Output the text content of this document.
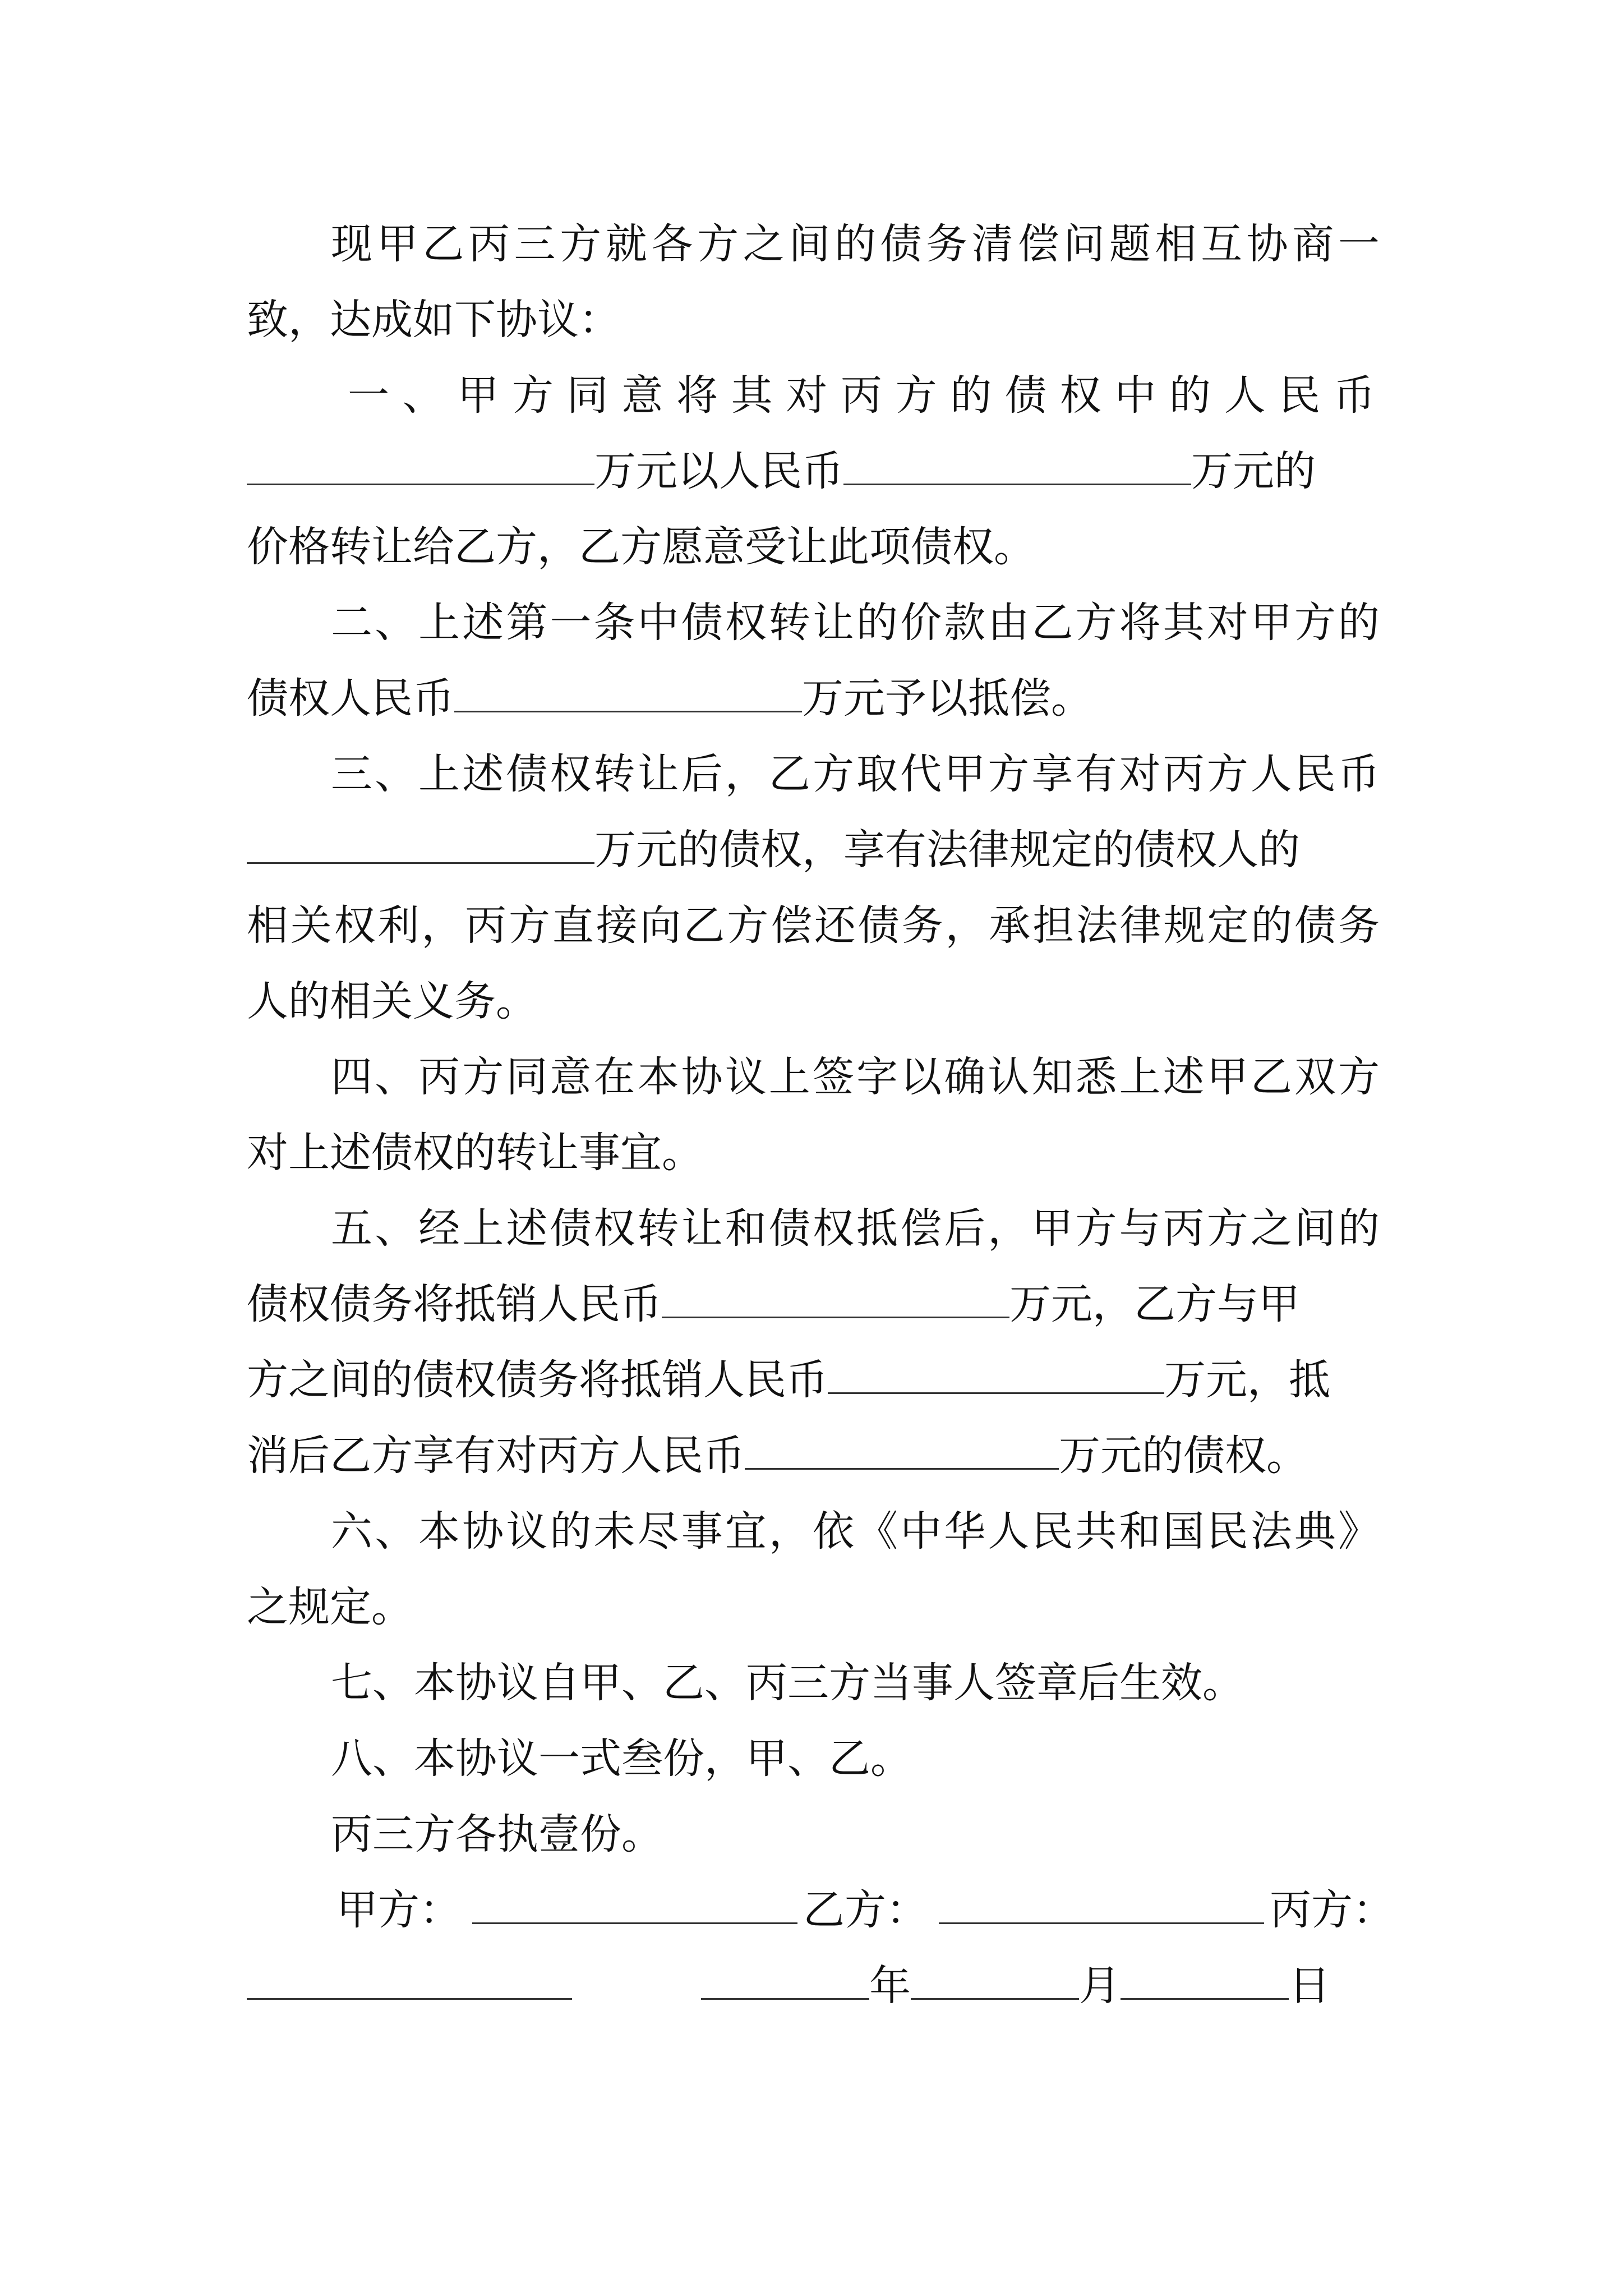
现甲乙丙三方就各方之间的债务清偿问题相互协商一
致，达成如下协议：
一、甲方同意将其对丙方的债权中的人民币
万元以人民币	万元的
价格转让给乙方，乙方愿意受让此项债权。
二、上述第一条中债权转让的价款由乙方将其对甲方的
债权人民币	万元予以抵偿。
三、上述债权转让后，乙方取代甲方享有对丙方人民币
万元的债权，享有法律规定的债权人的
相关权利，丙方直接向乙方偿还债务，承担法律规定的债务
人的相关义务。
四、丙方同意在本协议上签字以确认知悉上述甲乙双方
对上述债权的转让事宜。
五、经上述债权转让和债权抵偿后，甲方与丙方之间的
债权债务将抵销人民币	万元，乙方与甲
方之间的债权债务将抵销人民币	万元，抵
消后乙方享有对丙方人民币	万元的债权。
六、本协议的未尽事宜，依《中华人民共和国民法典》
之规定。
七、本协议自甲、乙、丙三方当事人签章后生效。
八、本协议一式叁份，甲、乙。
丙三方各执壹份。
甲方：	乙方：	丙方：
年	月	日
